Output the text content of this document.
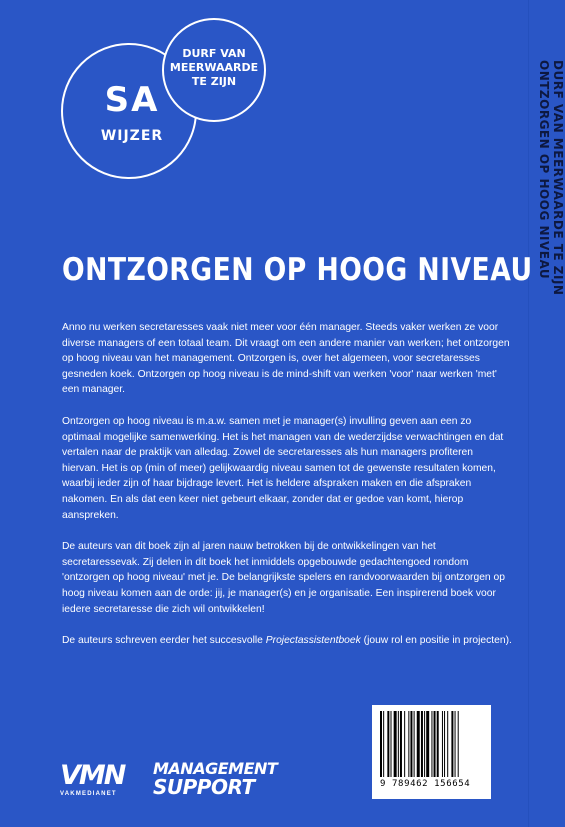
DURF VAN MEERWAARDE TE ZIJN
ONTZORGEN OP HOOG NIVEAU
SA
WIJZER
DURF VAN MEERWAARDE TE ZIJN
ONTZORGEN OP HOOG NIVEAU

Anno nu werken secretaresses vaak niet meer voor één manager. Steeds vaker werken ze voor diverse managers of een totaal team. Dit vraagt om een andere manier van werken; het ontzorgen op hoog niveau van het management. Ontzorgen is, over het algemeen, voor secretaresses gesneden koek. Ontzorgen op hoog niveau is de mind-shift van werken 'voor' naar werken 'met' een manager.

Ontzorgen op hoog niveau is m.a.w. samen met je manager(s) invulling geven aan een zo optimaal mogelijke samenwerking. Het is het managen van de wederzijdse verwachtingen en dat vertalen naar de praktijk van alledag. Zowel de secretaresses als hun managers profiteren hiervan. Het is op (min of meer) gelijkwaardig niveau samen tot de gewenste resultaten komen, waarbij ieder zijn of haar bijdrage levert. Het is heldere afspraken maken en die afspraken nakomen. En als dat een keer niet gebeurt elkaar, zonder dat er gedoe van komt, hierop aanspreken.

De auteurs van dit boek zijn al jaren nauw betrokken bij de ontwikkelingen van het secretaressevak. Zij delen in dit boek het inmiddels opgebouwde gedachtengoed rondom 'ontzorgen op hoog niveau' met je. De belangrijkste spelers en randvoorwaarden bij ontzorgen op hoog niveau komen aan de orde: jij, je manager(s) en je organisatie. Een inspirerend boek voor iedere secretaresse die zich wil ontwikkelen!

De auteurs schreven eerder het succesvolle Projectassistentboek (jouw rol en positie in projecten).

VMN
VAKMEDIANET
MANAGEMENT
SUPPORT	9 789462 156654
